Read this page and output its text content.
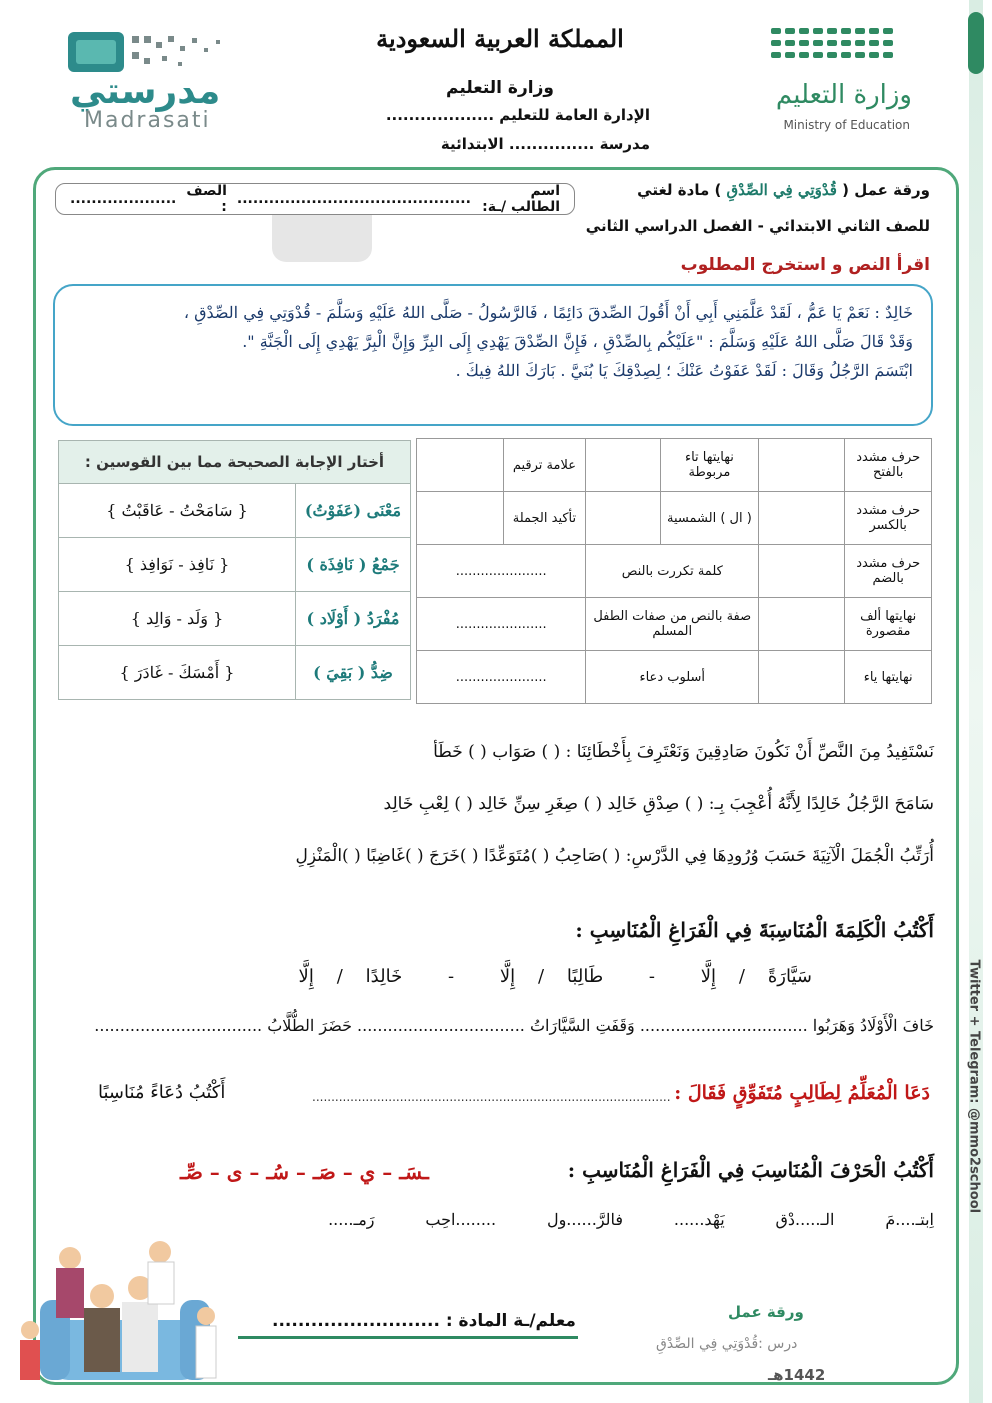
Twitter + Telegram: @mmo2school
وزارة التعليم
Ministry of Education
المملكة العربية السعودية
وزارة التعليم
الإدارة العامة للتعليم ...................
مدرسة ............... الابتدائية
مدرستي
Madrasati
ورقة عمل ( قُدْوَتِي فِي الصِّدْقِ ) مادة لغتي
للصف الثاني الابتدائي - الفصل الدراسي الثاني
اسم الطالب /ـة:
............................................
الصف :
....................
اقرأ النص و استخرج المطلوب
خَالِدٌ : نَعَمْ يَا عَمُّ ، لَقَدْ عَلَّمَنِي أَبِي أَنْ أَقُولَ الصِّدقَ دَائِمًا ، فَالرَّسُولُ - صَلَّى اللهُ عَلَيْهِ وَسَلَّمَ - قُدْوَتِي فِي الصِّدْقِ ،
وَقَدْ قَالَ صَلَّى اللهُ عَلَيْهِ وَسَلَّمَ : "عَلَيْكُم بِالصِّدْقِ ، فَإِنَّ الصِّدْقَ يَهْدِي إِلَى البِرِّ وَإِنَّ الْبِرَّ يَهْدِي إِلَى الْجَنَّةِ ".
ابْتَسَمَ الرَّجُلُ وَقَالَ : لَقَدْ عَفَوْتُ عَنْكَ ؛ لِصِدْقِكَ يَا بُنَيَّ . بَارَكَ اللهُ فِيكَ .
حرف مشدد بالفتح		نهايتها تاء مربوطة		علامة ترقيم	
حرف مشدد بالكسر		( ال ) الشمسية		تأكيد الجملة	
حرف مشدد بالضم		كلمة تكررت بالنص		......................	
نهايتها ألف مقصورة		صفة بالنص من صفات الطفل المسلم		......................	
نهايتها ياء		أسلوب دعاء		......................	
أختار الإجابة الصحيحة مما بين القوسين :	
مَعْنَى (عَفَوْتُ)	{ سَامَحْتُ - عَاقَبْتُ }
جَمْعُ ( نَافِذَة )	{ نَافِذ - نَوَافِذ }
مُفْرَدُ ( أَوْلَاد )	{ وَلَد - وَالِد }
ضِدُّ ( بَقِيَ )	{ أَمْسَكَ - غَادَرَ }
نَسْتَفِيدُ مِنَ النَّصِّ أَنْ نَكُونَ صَادِقِينَ وَنَعْتَرِفَ بِأَخْطَائِنَا : ( ) صَوَاب ( ) خَطَأ
سَامَحَ الرَّجُلُ خَالِدًا لِأَنَّهُ أُعْجِبَ بِـ: ( ) صِدْقِ خَالِد ( ) صِغَرِ سِنِّ خَالِد ( ) لِعْبِ خَالِد
أُرَتِّبُ الْجُمَلَ الْآتِيَةَ حَسَبَ وُرُودِهَا فِي الدَّرْسِ: ( )صَاحِبُ ( )مُتَوَعِّدًا ( )خَرَجَ ( )غَاضِبًا ( )الْمَنْزِلِ
أَكْتُبُ الْكَلِمَةَ الْمُنَاسِبَةَ فِي الْفَرَاغِ الْمُنَاسِبِ :
سَيَّارَةً    /    إِلَّا        -        طَالِبًا    /    إِلَّا        -        خَالِدًا    /    إِلَّا
خَافَ الْأَوْلَادُ وَهَرَبُوا ................................. وَقَفَتِ السَّيَّارَاتُ ................................. حَضَرَ الطُّلَّابُ .................................
دَعَا الْمُعَلِّمُ لِطَالِبٍ مُتَفَوِّقٍ فَقَالَ :
..............................................................................................
أَكْتُبُ دُعَاءً مُنَاسِبًا
أَكْتُبُ الْحَرْفَ الْمُنَاسِبَ فِي الْفَرَاغِ الْمُنَاسِبِ :
ـسَـ – ي – صَـ – سُـ – ى – صِّـ
اِبتـ....مَ          الـ.....دْق          يَهْد......          فالرَّ......ول          ........احِب          رَمـ.....
معلم/ـة المادة : ..........................	ورقة عمل
درس :قُدْوَتِي فِي الصِّدْقِ
1442هـ
